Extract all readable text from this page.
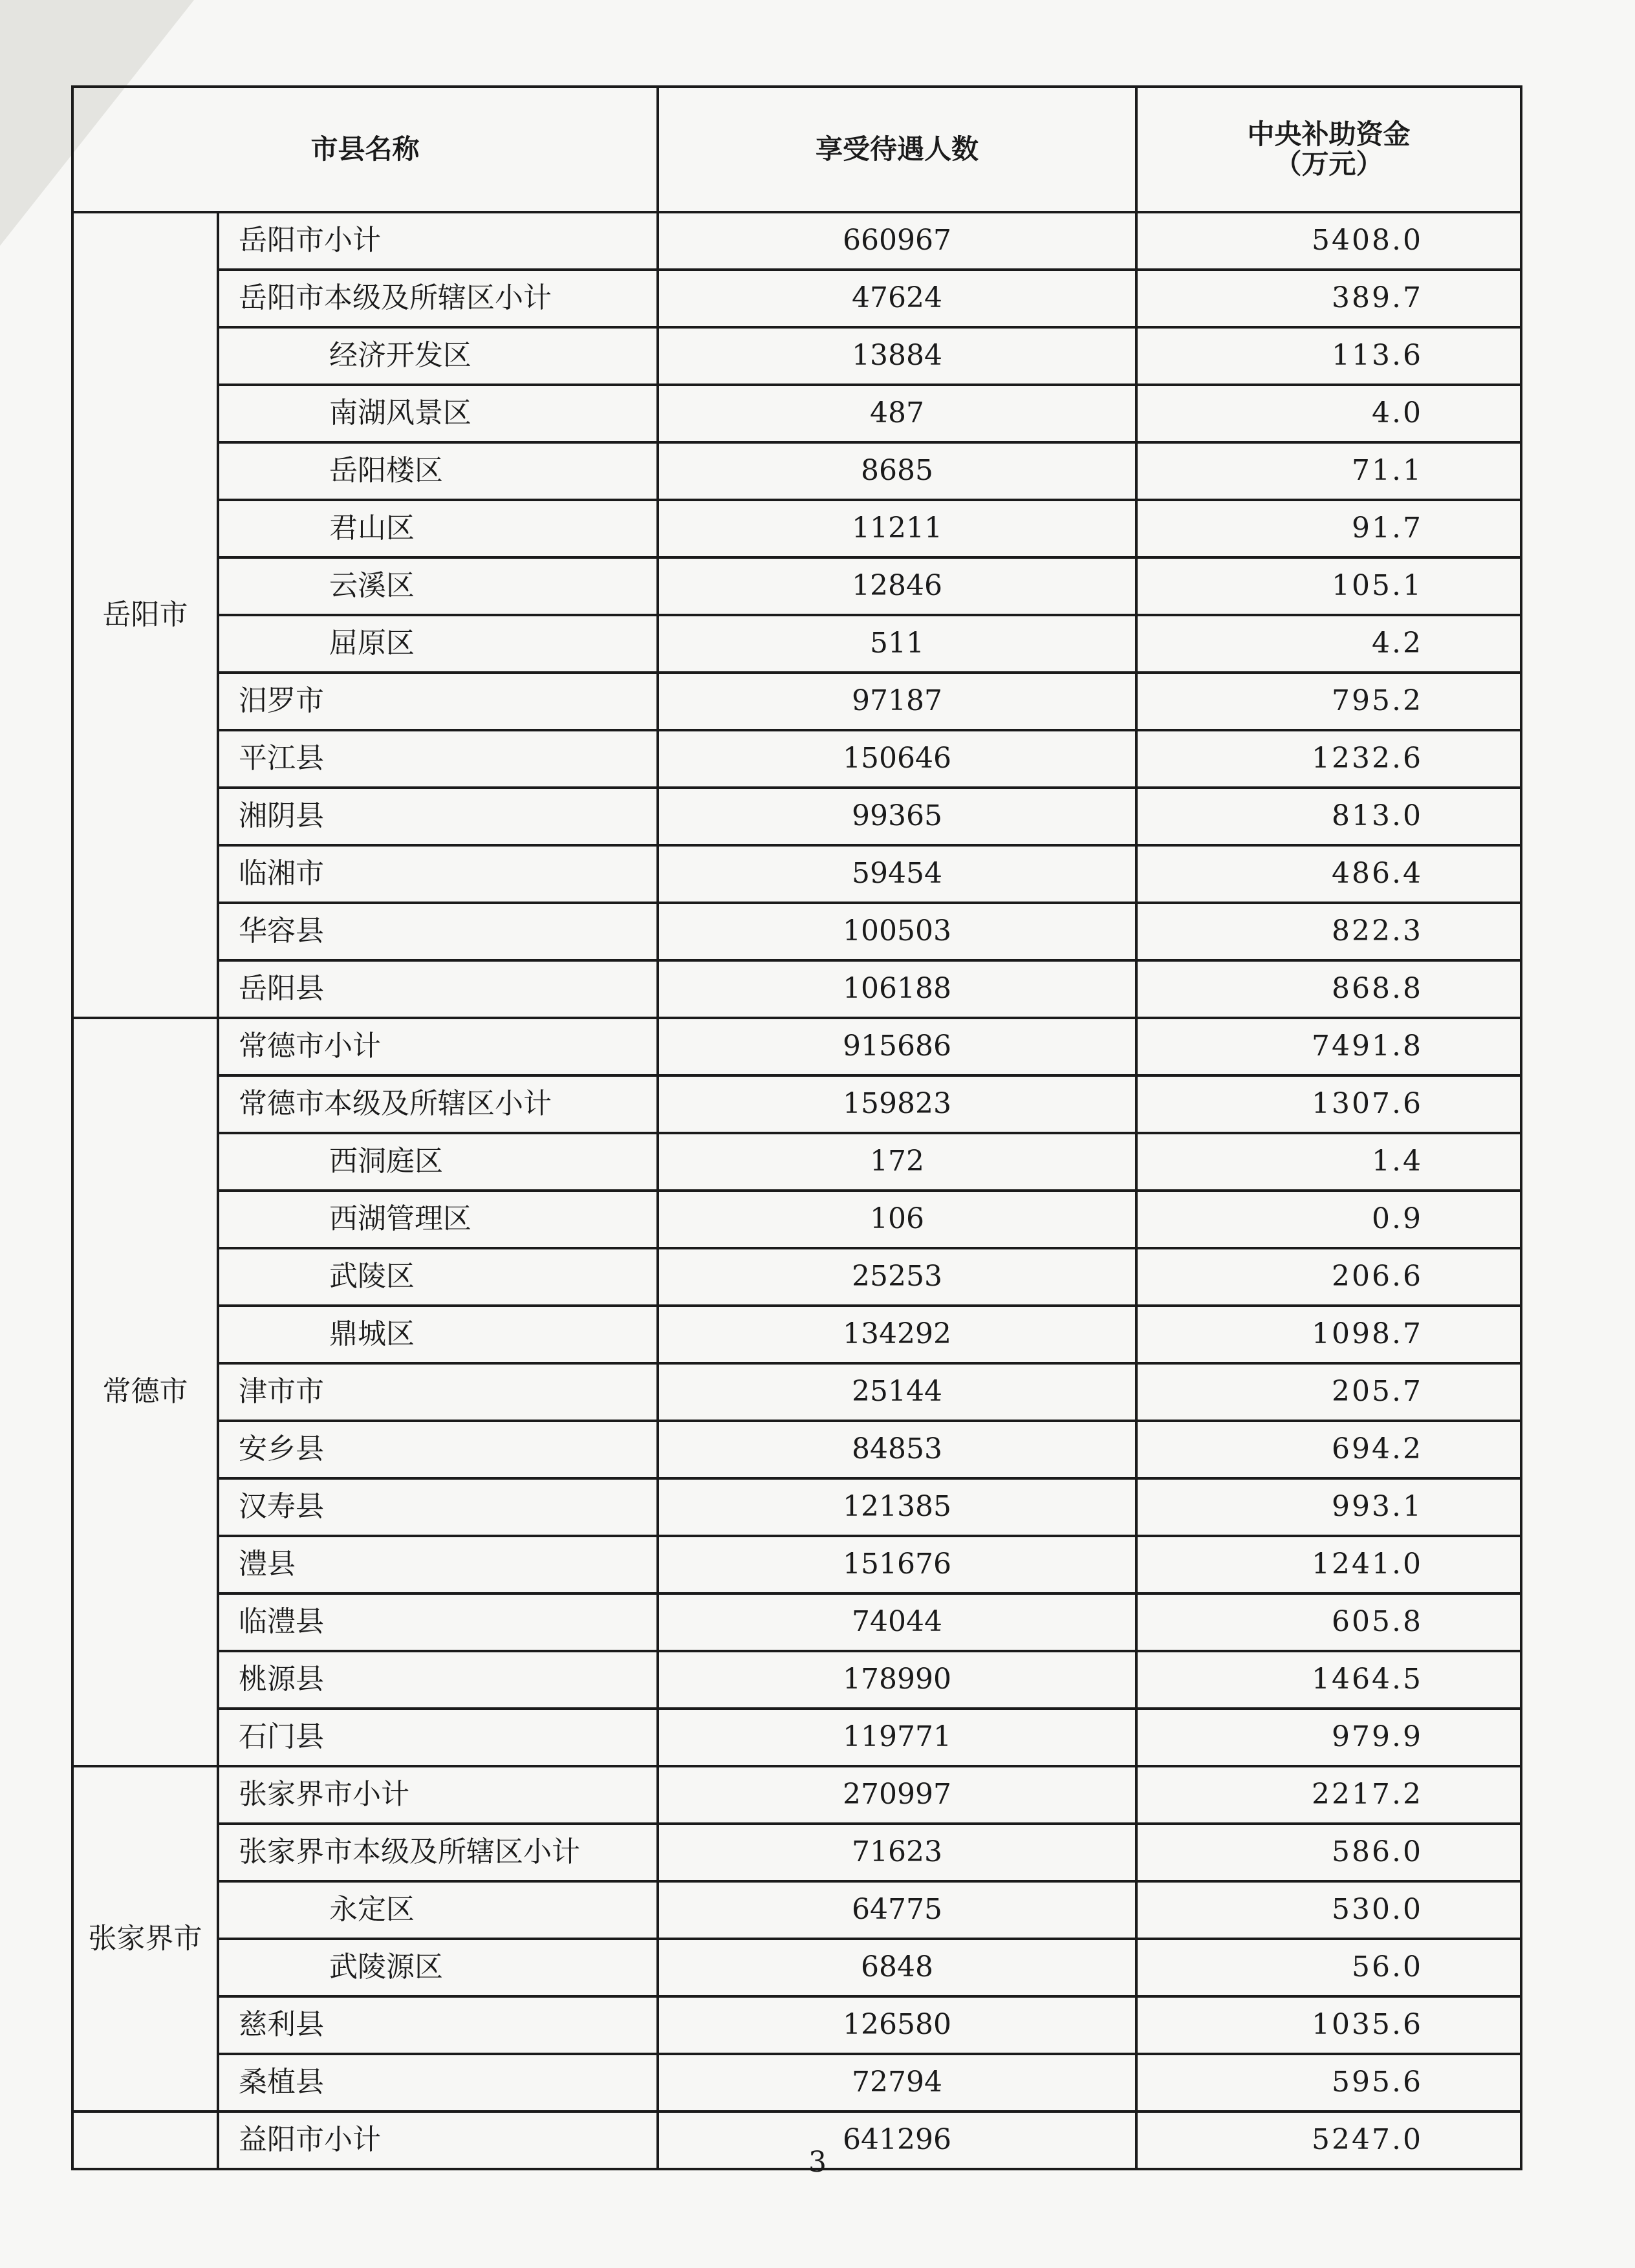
市县名称		享受待遇人数	中央补助资金
（万元）

岳阳市	岳阳市小计	660967	5408.0
	岳阳市本级及所辖区小计	47624	389.7
	经济开发区	13884	113.6
	南湖风景区	487	4.0
	岳阳楼区	8685	71.1
	君山区	11211	91.7
	云溪区	12846	105.1
	屈原区	511	4.2
	汨罗市	97187	795.2
	平江县	150646	1232.6
	湘阴县	99365	813.0
	临湘市	59454	486.4
	华容县	100503	822.3
	岳阳县	106188	868.8
常德市	常德市小计	915686	7491.8
	常德市本级及所辖区小计	159823	1307.6
	西洞庭区	172	1.4
	西湖管理区	106	0.9
	武陵区	25253	206.6
	鼎城区	134292	1098.7
	津市市	25144	205.7
	安乡县	84853	694.2
	汉寿县	121385	993.1
	澧县	151676	1241.0
	临澧县	74044	605.8
	桃源县	178990	1464.5
	石门县	119771	979.9
张家界市	张家界市小计	270997	2217.2
	张家界市本级及所辖区小计	71623	586.0
	永定区	64775	530.0
	武陵源区	6848	56.0
	慈利县	126580	1035.6
	桑植县	72794	595.6
	益阳市小计	641296	5247.0
3
